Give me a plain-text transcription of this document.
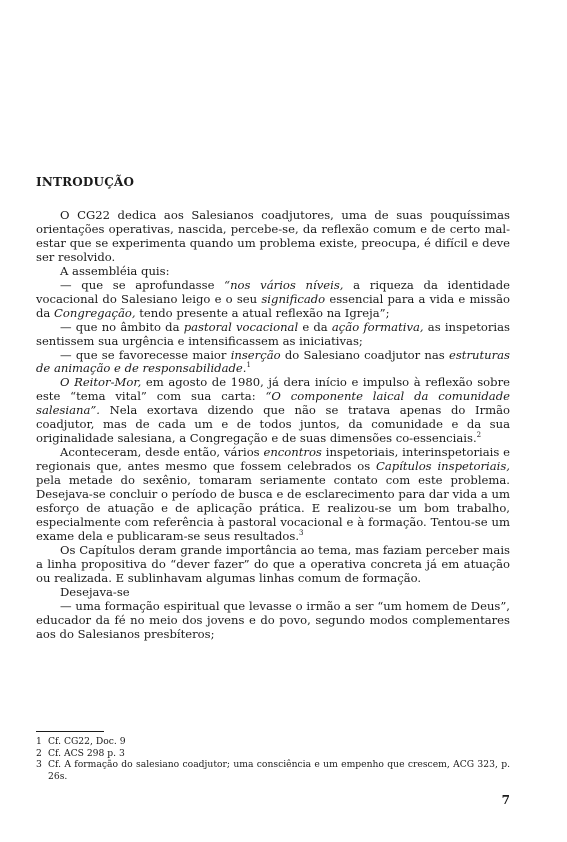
INTRODUÇÃO

O CG22 dedica aos Salesianos coadjutores, uma de suas pouquíssimas orientações operativas, nascida, percebe-se, da reflexão comum e de certo mal-estar que se experimenta quando um problema existe, preocupa, é difícil e deve ser resolvido.

A assembléia quis:

— que se aprofundasse “nos vários níveis, a riqueza da identidade vocacional do Salesiano leigo e o seu significado essencial para a vida e missão da Congregação, tendo presente a atual reflexão na Igreja”;

— que no âmbito da pastoral vocacional e da ação formativa, as inspetorias sentissem sua urgência e intensificassem as iniciativas;

— que se favorecesse maior inserção do Salesiano coadjutor nas estruturas de animação e de responsabilidade.$^1$

O Reitor-Mor, em agosto de 1980, já dera início e impulso à reflexão sobre este “tema vital” com sua carta: “O componente laical da comunidade salesiana”. Nela exortava dizendo que não se tratava apenas do Irmão coadjutor, mas de cada um e de todos juntos, da comunidade e da sua originalidade salesiana, a Congregação e de suas dimensões co-essenciais.$^2$

Aconteceram, desde então, vários encontros inspetoriais, interinspetoriais e regionais que, antes mesmo que fossem celebrados os Capítulos inspetoriais, pela metade do sexênio, tomaram seriamente contato com este problema. Desejava-se concluir o período de busca e de esclarecimento para dar vida a um esforço de atuação e de aplicação prática. E realizou-se um bom trabalho, especialmente com referência à pastoral vocacional e à formação. Tentou-se um exame dela e publicaram-se seus resultados.$^3$

Os Capítulos deram grande importância ao tema, mas faziam perceber mais a linha propositiva do “dever fazer” do que a operativa concreta já em atuação ou realizada. E sublinhavam algumas linhas comum de formação.

Desejava-se

— uma formação espiritual que levasse o irmão a ser “um homem de Deus”, educador da fé no meio dos jovens e do povo, segundo modos complementares aos do Salesianos presbíteros;

1 Cf. CG22, Doc. 9
2 Cf. ACS 298 p. 3
3 Cf. A formação do salesiano coadjutor; uma consciência e um empenho que crescem, ACG 323, p. 26s.
7
